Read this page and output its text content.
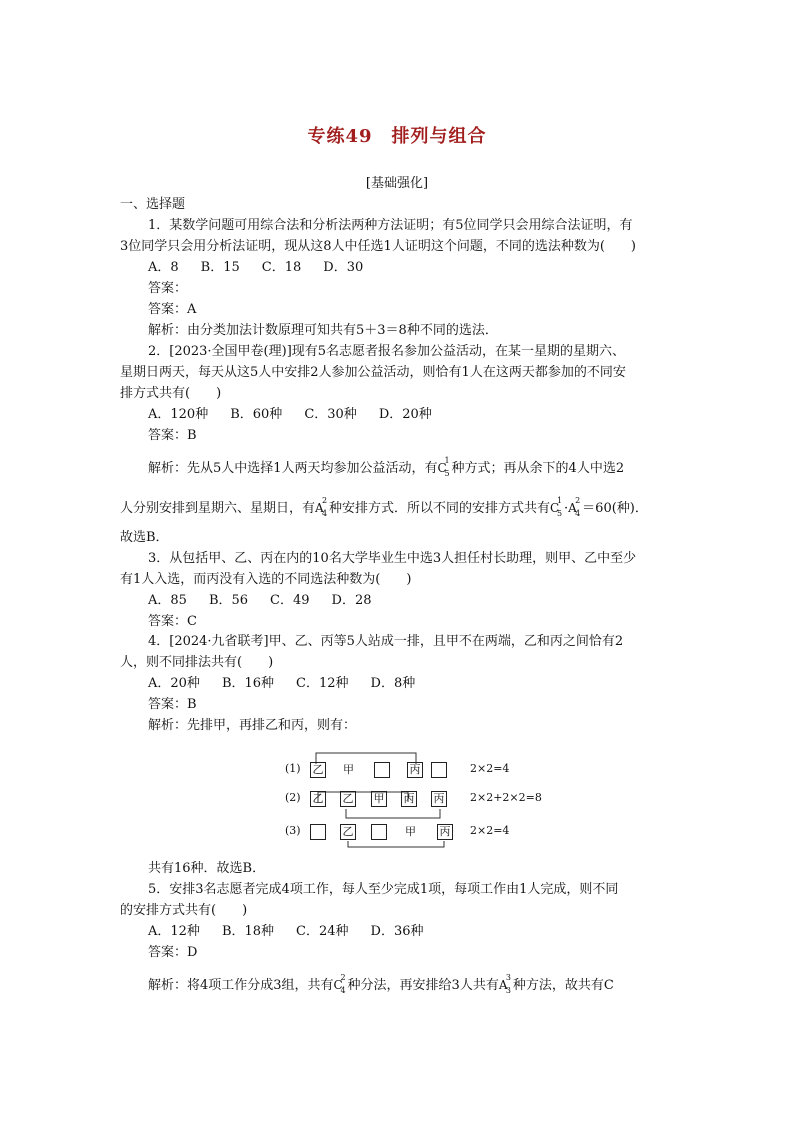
专练49　排列与组合
[基础强化]
一、选择题
1．某数学问题可用综合法和分析法两种方法证明；有5位同学只会用综合法证明，有
3位同学只会用分析法证明，现从这8人中任选1人证明这个问题，不同的选法种数为(　　)
A．8 B．15 C．18 D．30
答案：
答案：A
解析：由分类加法计数原理可知共有5＋3＝8种不同的选法．
2．[2023·全国甲卷(理)]现有5名志愿者报名参加公益活动，在某一星期的星期六、
星期日两天，每天从这5人中安排2人参加公益活动，则恰有1人在这两天都参加的不同安
排方式共有(　　)
A．120种 B．60种 C．30种 D．20种
答案：B
解析：先从5人中选择1人两天均参加公益活动，有C
1
5 种方式；再从余下的4人中选2
人分别安排到星期六、星期日，有A
2
4 种安排方式．所以不同的安排方式共有C
1
5 ·A
2
4 ＝60(种)．
故选B．
3．从包括甲、乙、丙在内的10名大学毕业生中选3人担任村长助理，则甲、乙中至少
有1人入选，而丙没有入选的不同选法种数为(　　)
A．85 B．56 C．49 D．28
答案：C
4．[2024·九省联考]甲、乙、丙等5人站成一排，且甲不在两端，乙和丙之间恰有2
人，则不同排法共有(　　)
A．20种 B．16种 C．12种 D．8种
答案：B
解析：先排甲，再排乙和丙，则有：
(1) 乙 甲	丙	2×2=4
(2) 乙 乙 甲 丙 丙 2×2+2×2=8
(3)	乙	甲 丙 2×2=4
共有16种．故选B．
5．安排3名志愿者完成4项工作，每人至少完成1项，每项工作由1人完成，则不同
的安排方式共有(　　)
A．12种 B．18种 C．24种 D．36种
答案：D
解析：将4项工作分成3组，共有C
2
4 种分法，再安排给3人共有A
3
3 种方法，故共有C
